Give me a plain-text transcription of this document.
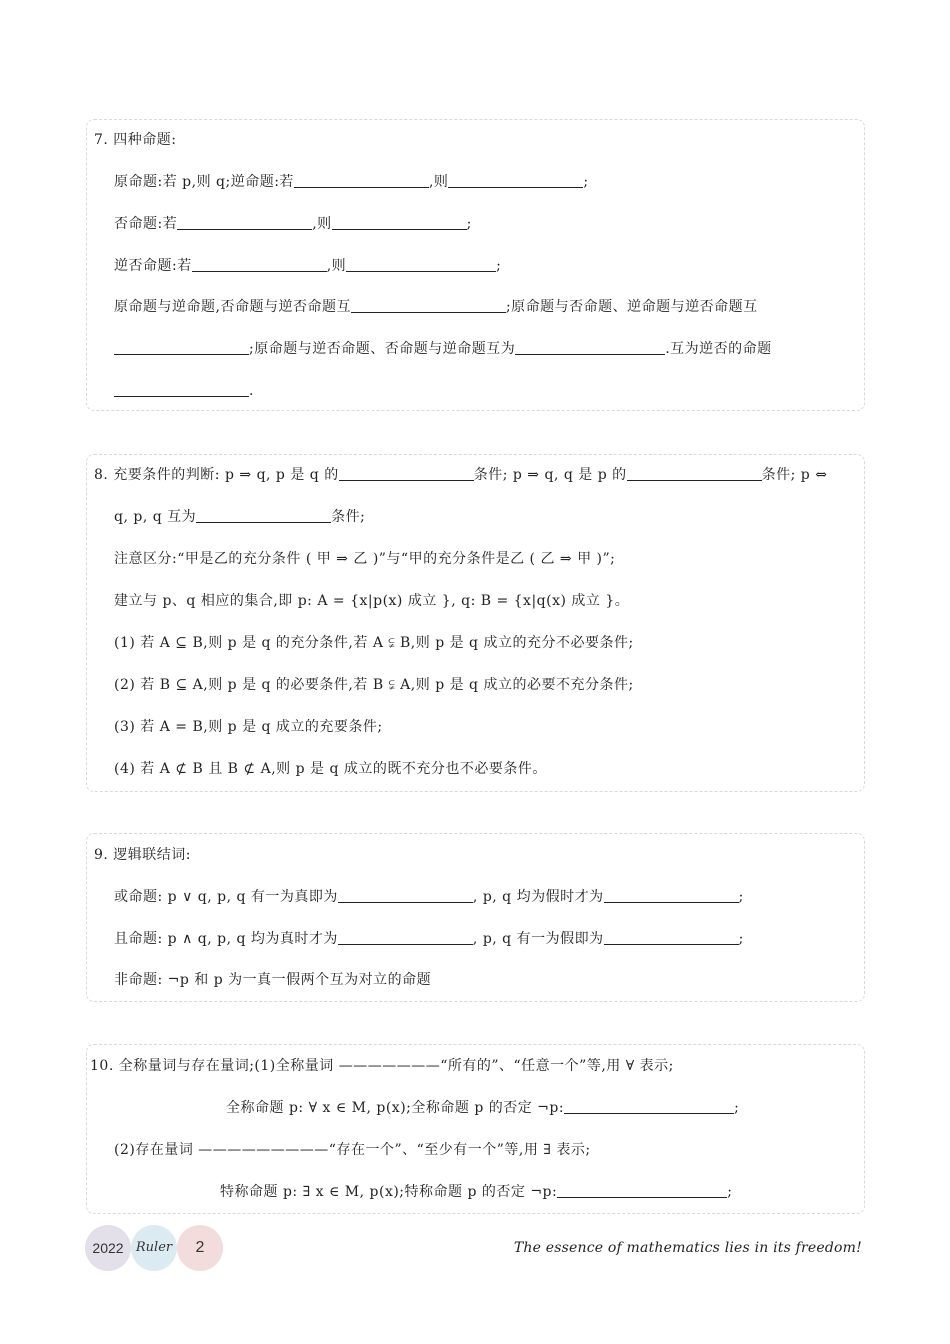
7. 四种命题:
原命题:若 p,则 q;逆命题:若	,则	;
否命题:若	,则	;
逆否命题:若	,则	;
原命题与逆命题,否命题与逆否命题互	;原命题与否命题、逆命题与逆否命题互
;原命题与逆否命题、否命题与逆命题互为	.互为逆否的命题
.
8. 充要条件的判断: p ⇒ q, p 是 q 的	条件; p ⇒ q, q 是 p 的	条件; p ⇔
q, p, q 互为	条件;
注意区分:“甲是乙的充分条件 ( 甲 ⇒ 乙 )”与“甲的充分条件是乙 ( 乙 ⇒ 甲 )”;
建立与 p、q 相应的集合,即 p: A = {x|p(x) 成立 }, q: B = {x|q(x) 成立 }。
(1) 若 A ⊆ B,则 p 是 q 的充分条件,若 A ⫋ B,则 p 是 q 成立的充分不必要条件;
(2) 若 B ⊆ A,则 p 是 q 的必要条件,若 B ⫋ A,则 p 是 q 成立的必要不充分条件;
(3) 若 A = B,则 p 是 q 成立的充要条件;
(4) 若 A ⊄ B 且 B ⊄ A,则 p 是 q 成立的既不充分也不必要条件。
9. 逻辑联结词:
或命题: p ∨ q, p, q 有一为真即为	, p, q 均为假时才为	;
且命题: p ∧ q, p, q 均为真时才为	, p, q 有一为假即为	;
非命题: ¬p 和 p 为一真一假两个互为对立的命题
10. 全称量词与存在量词;(1)全称量词 ———————“所有的”、“任意一个”等,用 ∀ 表示;
全称命题 p: ∀ x ∈ M, p(x);全称命题 p 的否定 ¬p:	;
(2)存在量词 —————————“存在一个”、“至少有一个”等,用 ∃ 表示;
特称命题 p: ∃ x ∈ M, p(x);特称命题 p 的否定 ¬p:	;
2022 Ruler	2	The essence of mathematics lies in its freedom!
